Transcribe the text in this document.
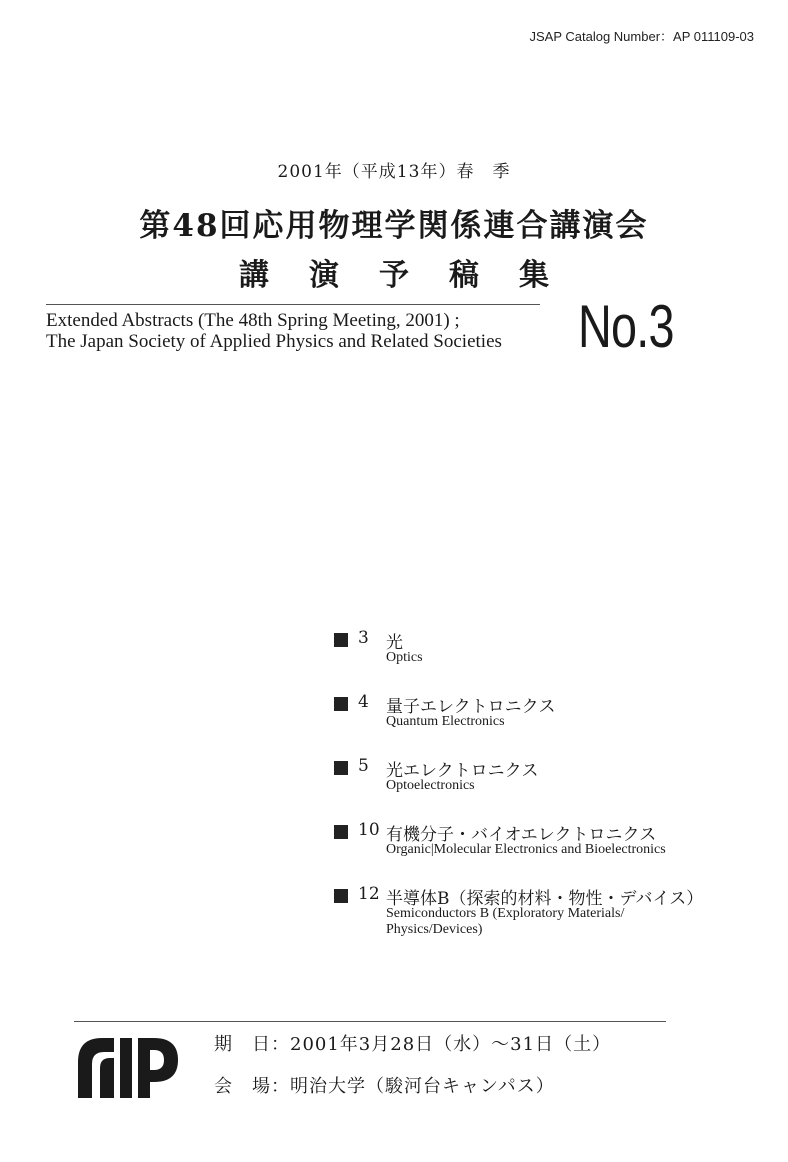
JSAP Catalog Number：AP 011109-03
2001年（平成13年）春　季
第48回応用物理学関係連合講演会
講演予稿集
Extended Abstracts (The 48th Spring Meeting, 2001) ;
The Japan Society of Applied Physics and Related Societies No.3
3	光
Optics
4	量子エレクトロニクス
Quantum Electronics
5	光エレクトロニクス
Optoelectronics
10 有機分子・バイオエレクトロニクス
Organic|Molecular Electronics and Bioelectronics
12 半導体B（探索的材料・物性・デバイス）
Semiconductors B (Exploratory Materials/
Physics/Devices)
期　日：2001年3月28日（水）～31日（土）
会　場：明治大学（駿河台キャンパス）
